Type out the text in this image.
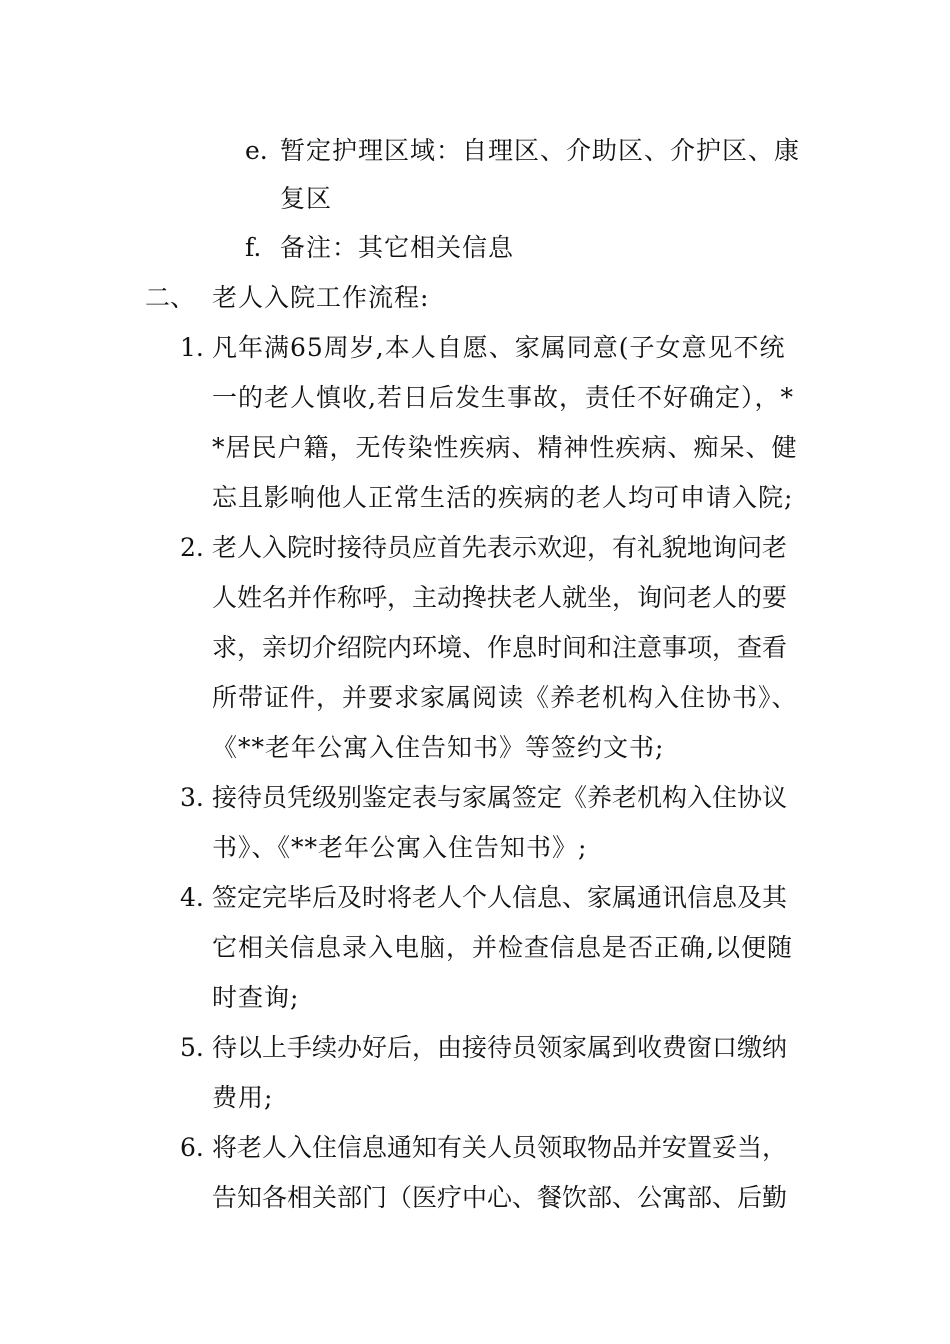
e. 暂定护理区域：自理区、介助区、介护区、康
复区
f. 备注：其它相关信息
二、 老人入院工作流程:
1. 凡年满65周岁,本人自愿、家属同意(子女意见不统
一的老人慎收,若日后发生事故，责任不好确定），*
*居民户籍，无传染性疾病、精神性疾病、痴呆、健
忘且影响他人正常生活的疾病的老人均可申请入院;
2. 老人入院时接待员应首先表示欢迎，有礼貌地询问老
人姓名并作称呼，主动搀扶老人就坐，询问老人的要
求，亲切介绍院内环境、作息时间和注意事项，查看
所带证件，并要求家属阅读《养老机构入住协书》、
《**老年公寓入住告知书》等签约文书;
3. 接待员凭级别鉴定表与家属签定《养老机构入住协议
书》、《**老年公寓入住告知书》;
4. 签定完毕后及时将老人个人信息、家属通讯信息及其
它相关信息录入电脑，并检查信息是否正确,以便随
时查询;
5. 待以上手续办好后，由接待员领家属到收费窗口缴纳
费用;
6. 将老人入住信息通知有关人员领取物品并安置妥当，
告知各相关部门（医疗中心、餐饮部、公寓部、后勤
